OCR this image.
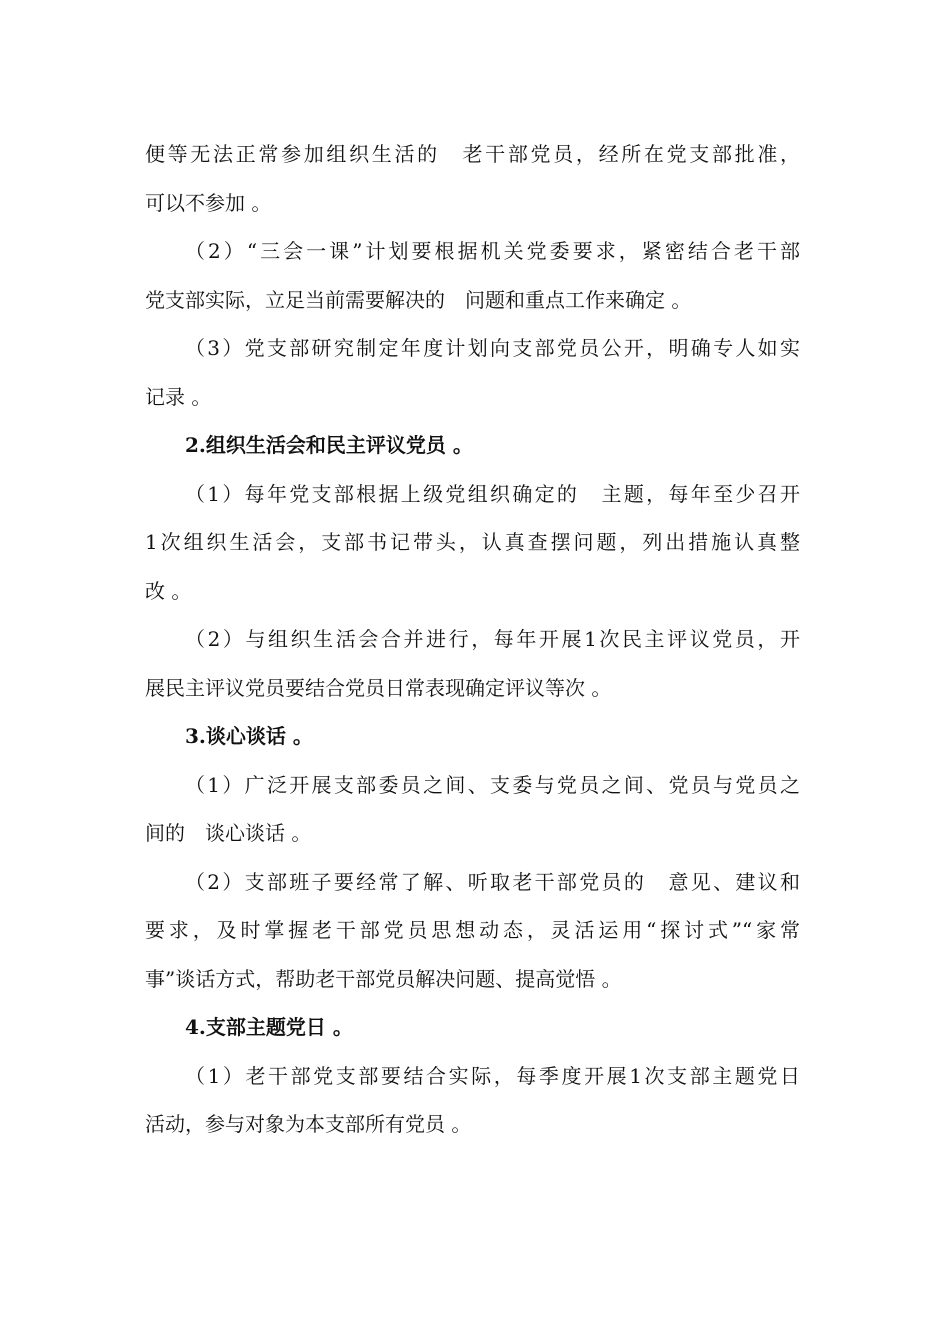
便等无法正常参加组织生活的　老干部党员，经所在党支部批准，
可以不参加 。
（2）“三会一课”计划要根据机关党委要求，紧密结合老干部
党支部实际，立足当前需要解决的　问题和重点工作来确定 。
（3）党支部研究制定年度计划向支部党员公开，明确专人如实
记录 。
2.组织生活会和民主评议党员 。
（1）每年党支部根据上级党组织确定的　主题，每年至少召开
1次组织生活会，支部书记带头，认真查摆问题，列出措施认真整
改 。
（2）与组织生活会合并进行，每年开展1次民主评议党员，开
展民主评议党员要结合党员日常表现确定评议等次 。
3.谈心谈话 。
（1）广泛开展支部委员之间、支委与党员之间、党员与党员之
间的　谈心谈话 。
（2）支部班子要经常了解、听取老干部党员的　意见、建议和
要求，及时掌握老干部党员思想动态，灵活运用“探讨式”“家常
事”谈话方式，帮助老干部党员解决问题、提高觉悟 。
4.支部主题党日 。
（1）老干部党支部要结合实际，每季度开展1次支部主题党日
活动，参与对象为本支部所有党员 。
